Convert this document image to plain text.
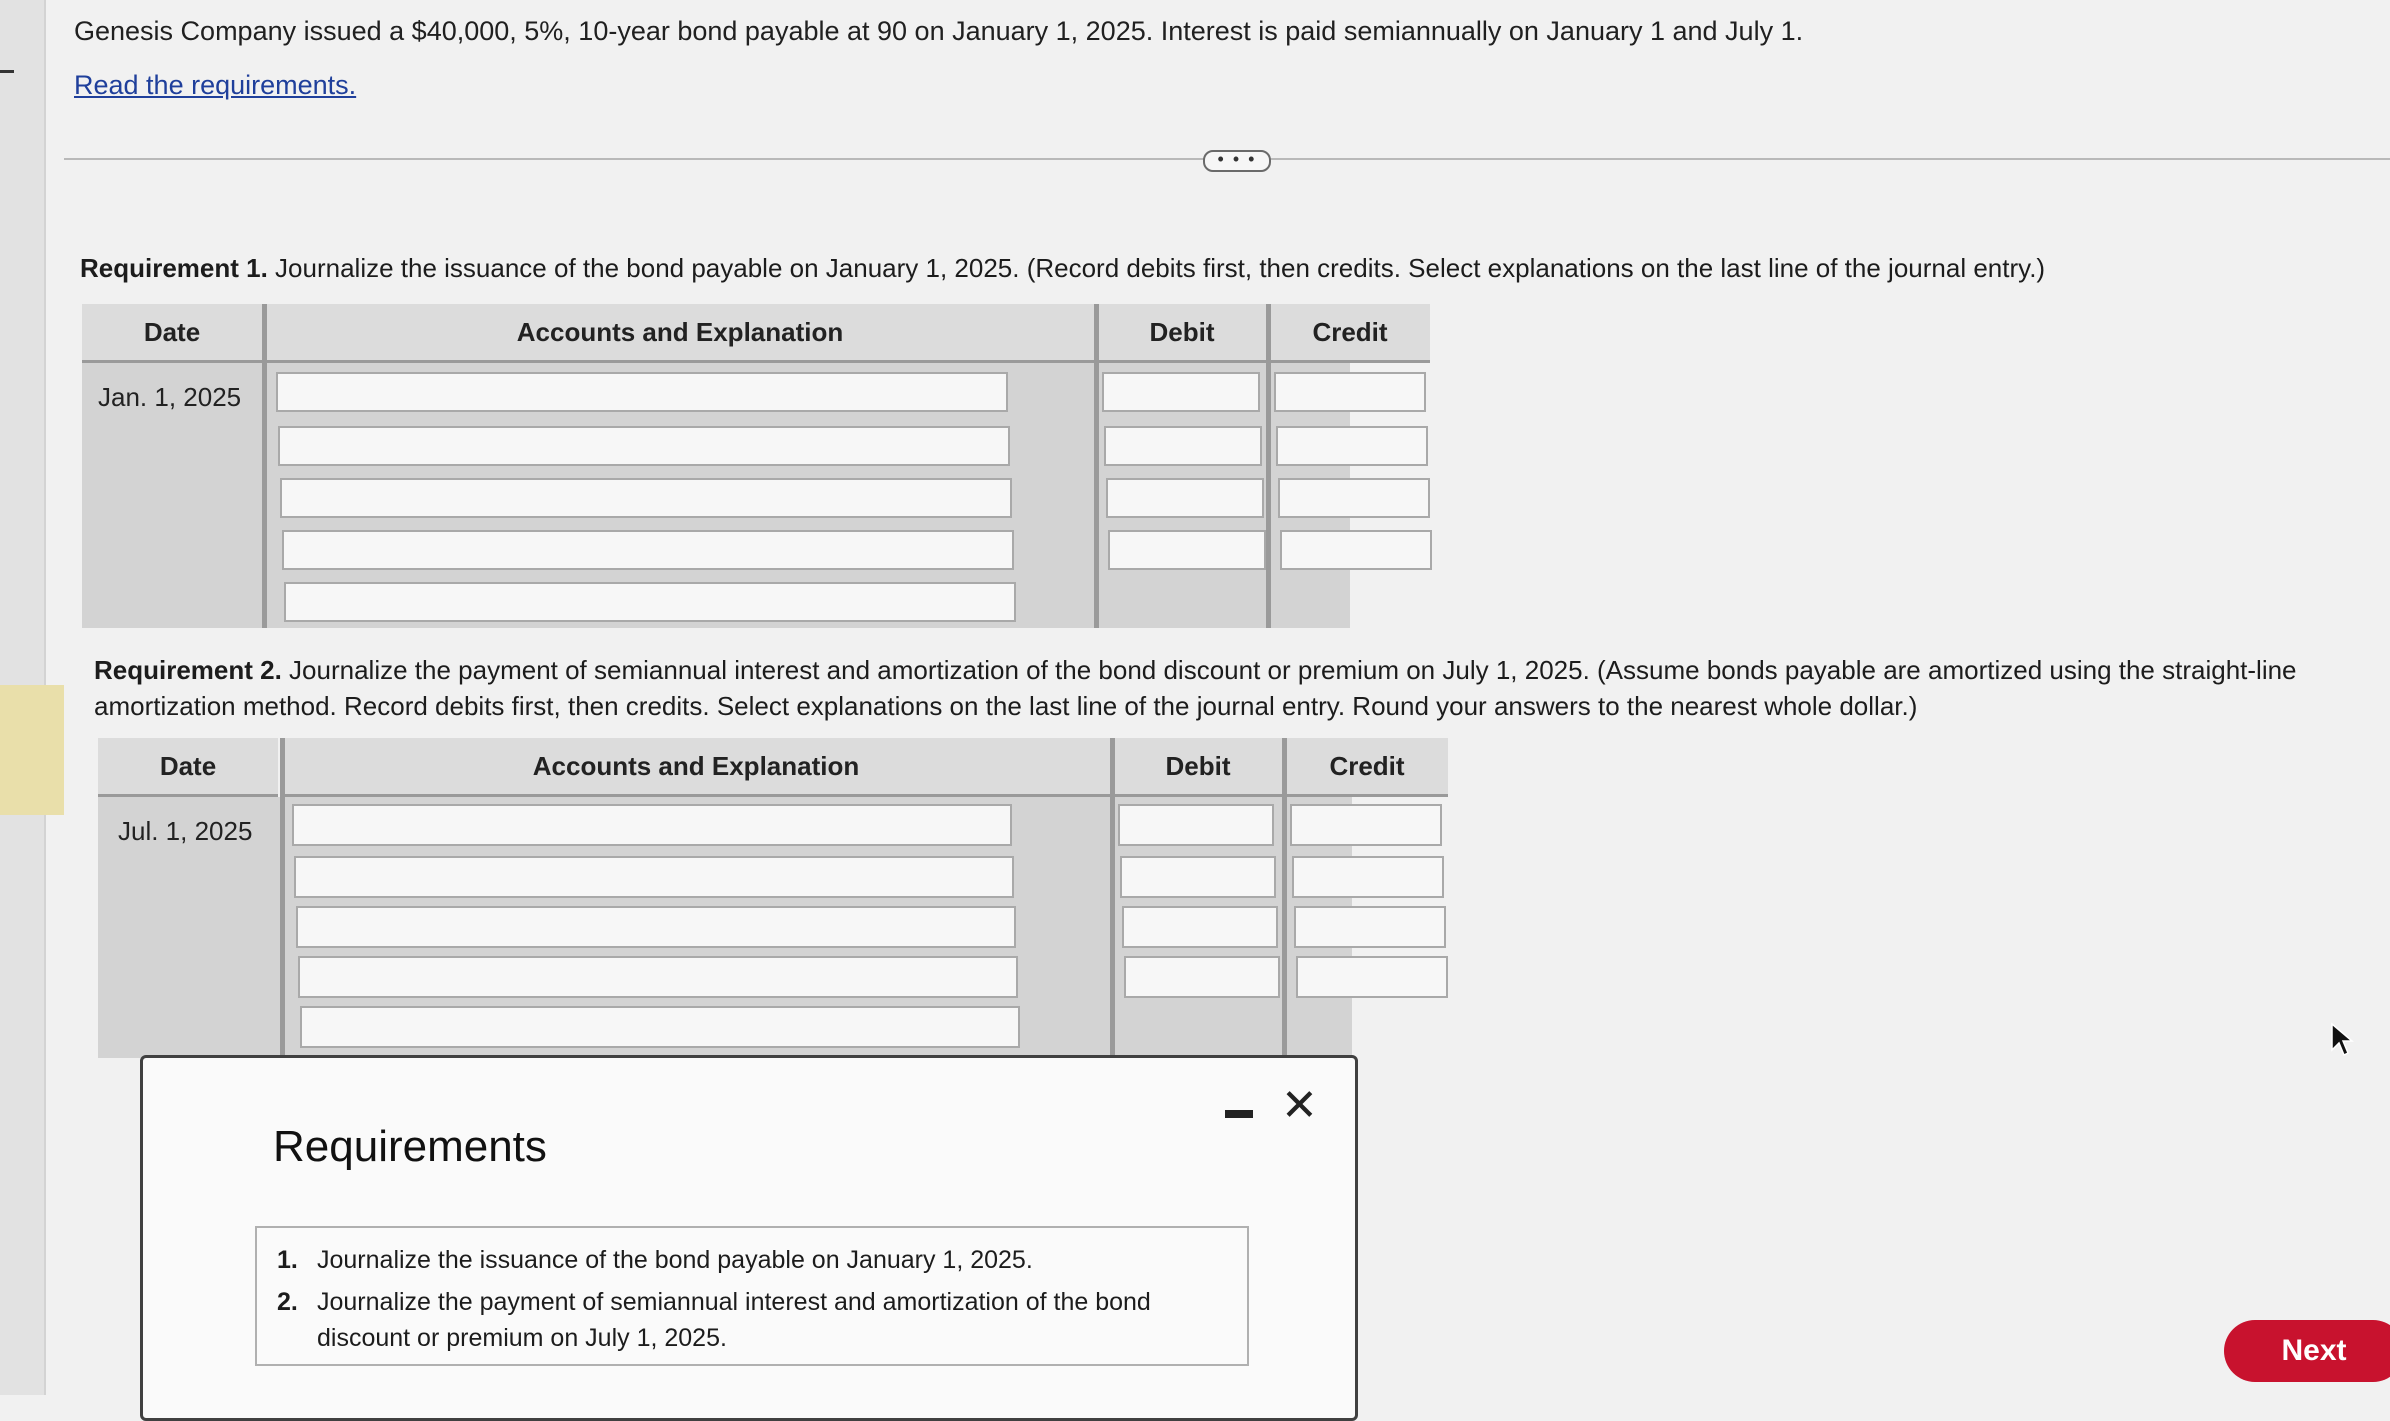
Genesis Company issued a $40,000, 5%, 10-year bond payable at 90 on January 1, 2025. Interest is paid semiannually on January 1 and July 1.
Read the requirements.
• • •
Requirement 1. Journalize the issuance of the bond payable on January 1, 2025. (Record debits first, then credits. Select explanations on the last line of the journal entry.)
Date	Accounts and Explanation	Debit	Credit
Jan. 1, 2025
Requirement 2. Journalize the payment of semiannual interest and amortization of the bond discount or premium on July 1, 2025. (Assume bonds payable are amortized using the straight-line amortization method. Record debits first, then credits. Select explanations on the last line of the journal entry. Round your answers to the nearest whole dollar.)
Date	Accounts and Explanation	Debit	Credit
Jul. 1, 2025
Requirements
✕
1. Journalize the issuance of the bond payable on January 1, 2025.
2. Journalize the payment of semiannual interest and amortization of the bond
discount or premium on July 1, 2025.	Next
